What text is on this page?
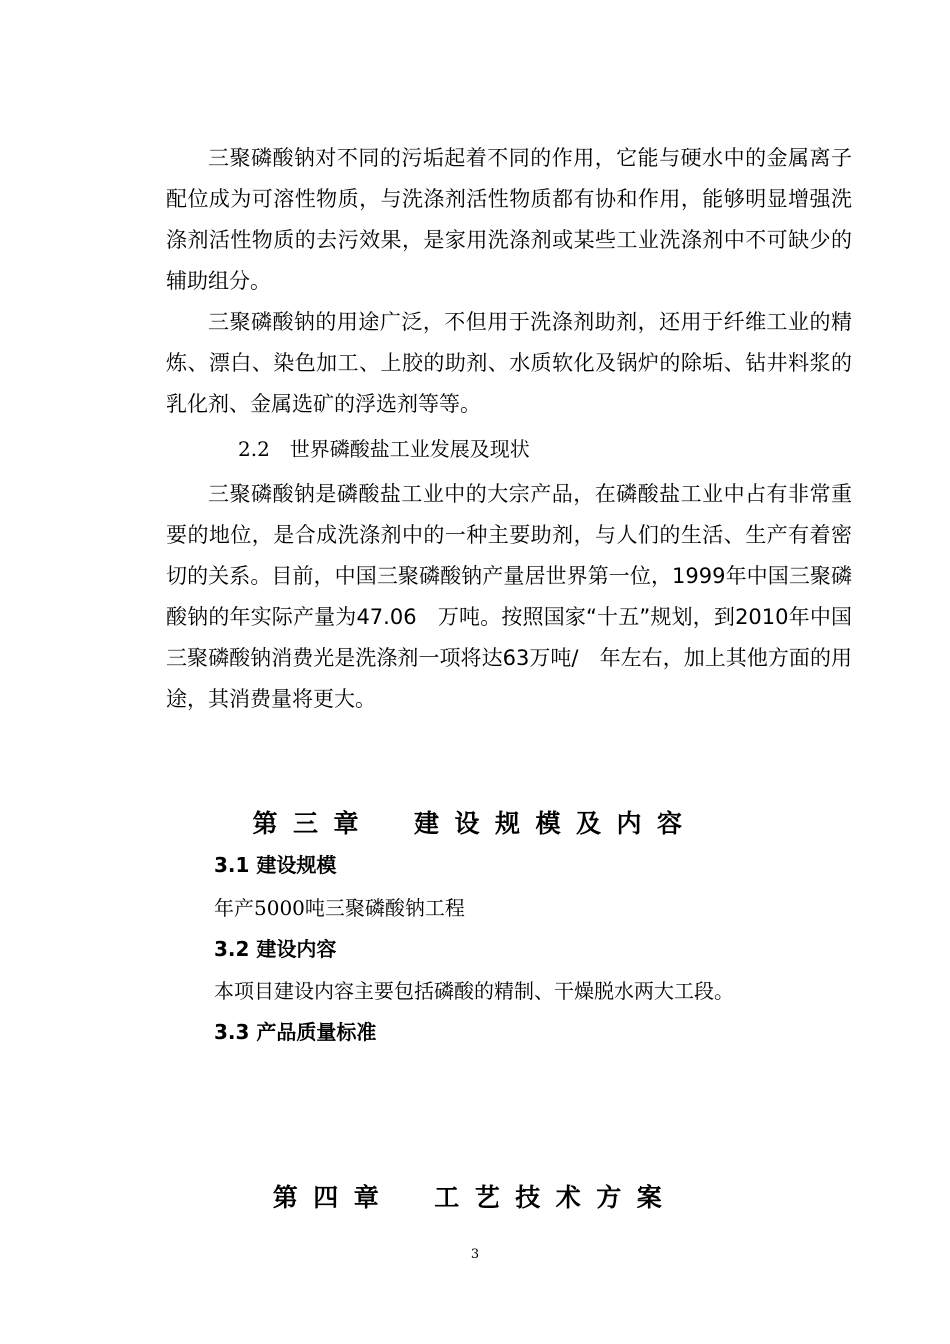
三聚磷酸钠对不同的污垢起着不同的作用，它能与硬水中的金属离子配位成为可溶性物质，与洗涤剂活性物质都有协和作用，能够明显增强洗涤剂活性物质的去污效果，是家用洗涤剂或某些工业洗涤剂中不可缺少的辅助组分。

三聚磷酸钠的用途广泛，不但用于洗涤剂助剂，还用于纤维工业的精炼、漂白、染色加工、上胶的助剂、水质软化及锅炉的除垢、钻井料浆的乳化剂、金属选矿的浮选剂等等。

2.2　世界磷酸盐工业发展及现状

三聚磷酸钠是磷酸盐工业中的大宗产品，在磷酸盐工业中占有非常重要的地位，是合成洗涤剂中的一种主要助剂，与人们的生活、生产有着密切的关系。目前，中国三聚磷酸钠产量居世界第一位，1999年中国三聚磷酸钠的年实际产量为47.06　万吨。按照国家“十五”规划，到2010年中国三聚磷酸钠消费光是洗涤剂一项将达63万吨/　年左右，加上其他方面的用途，其消费量将更大。

第三章 建设规模及内容

3.1 建设规模

年产5000吨三聚磷酸钠工程

3.2 建设内容

本项目建设内容主要包括磷酸的精制、干燥脱水两大工段。

3.3 产品质量标准

第四章 工艺技术方案
3
